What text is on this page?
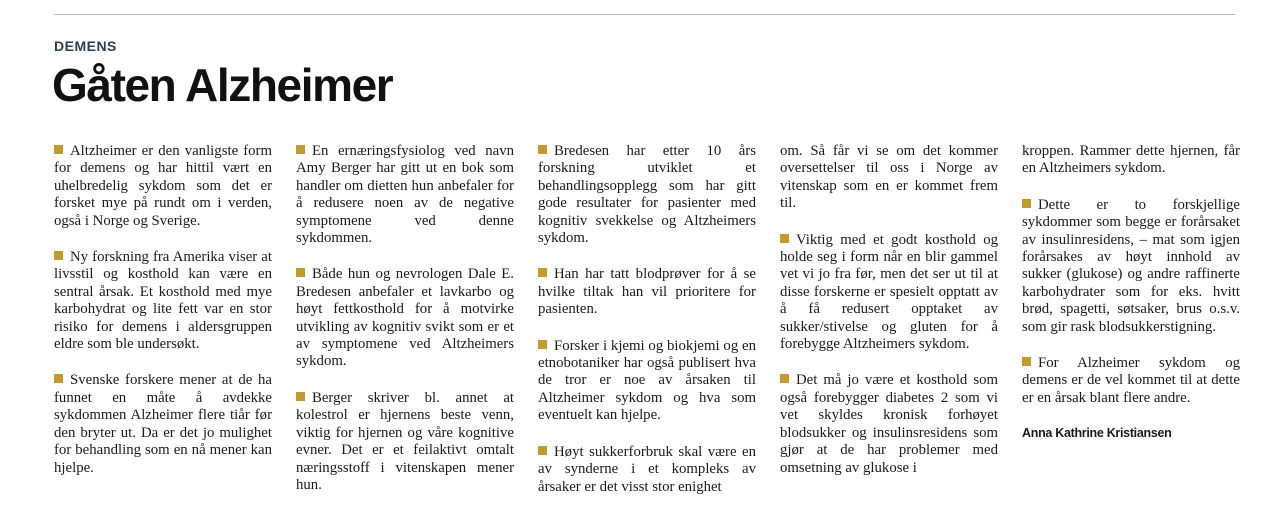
DEMENS
Gåten Alzheimer

Altzheimer er den vanligste form for demens og har hittil vært en uhelbredelig sykdom som det er forsket mye på rundt om i verden, også i Norge og Sverige.

Ny forskning fra Amerika viser at livsstil og kosthold kan være en sentral årsak. Et kosthold med mye karbohydrat og lite fett var en stor risiko for demens i aldersgruppen eldre som ble undersøkt.

Svenske forskere mener at de ha funnet en måte å avdekke sykdommen Alzheimer flere tiår før den bryter ut. Da er det jo mulighet for behandling som en nå mener kan hjelpe.

En ernæringsfysiolog ved navn Amy Berger har gitt ut en bok som handler om dietten hun anbefaler for å redusere noen av de negative symptomene ved denne sykdommen.

Både hun og nevrologen Dale E. Bredesen anbefaler et lavkarbo og høyt fettkosthold for å motvirke utvikling av kognitiv svikt som er et av symptomene ved Altzheimers sykdom.

Berger skriver bl. annet at kolestrol er hjernens beste venn, viktig for hjernen og våre kognitive evner. Det er et feilaktivt omtalt næringsstoff i vitenskapen mener hun.

Bredesen har etter 10 års forskning utviklet et behandlingsopplegg som har gitt gode resultater for pasienter med kognitiv svekkelse og Altzheimers sykdom.

Han har tatt blodprøver for å se hvilke tiltak han vil prioritere for pasienten.

Forsker i kjemi og biokjemi og en etnobotaniker har også publisert hva de tror er noe av årsaken til Altzheimer sykdom og hva som eventuelt kan hjelpe.

Høyt sukkerforbruk skal være en av synderne i et kompleks av årsaker er det visst stor enighet

om. Så får vi se om det kommer oversettelser til oss i Norge av vitenskap som en er kommet frem til.

Viktig med et godt kosthold og holde seg i form når en blir gammel vet vi jo fra før, men det ser ut til at disse forskerne er spesielt opptatt av å få redusert opptaket av sukker/stivelse og gluten for å forebygge Altzheimers sykdom.

Det må jo være et kosthold som også forebygger diabetes 2 som vi vet skyldes kronisk forhøyet blodsukker og insulinsresidens som gjør at de har problemer med omsetning av glukose i

kroppen. Rammer dette hjernen, får en Altzheimers sykdom.

Dette er to forskjellige sykdommer som begge er forårsaket av insulinresidens, – mat som igjen forårsakes av høyt innhold av sukker (glukose) og andre raffinerte karbohydrater som for eks. hvitt brød, spagetti, søtsaker, brus o.s.v. som gir rask blodsukkerstigning.

For Alzheimer sykdom og demens er de vel kommet til at dette er en årsak blant flere andre.

Anna Kathrine Kristiansen
